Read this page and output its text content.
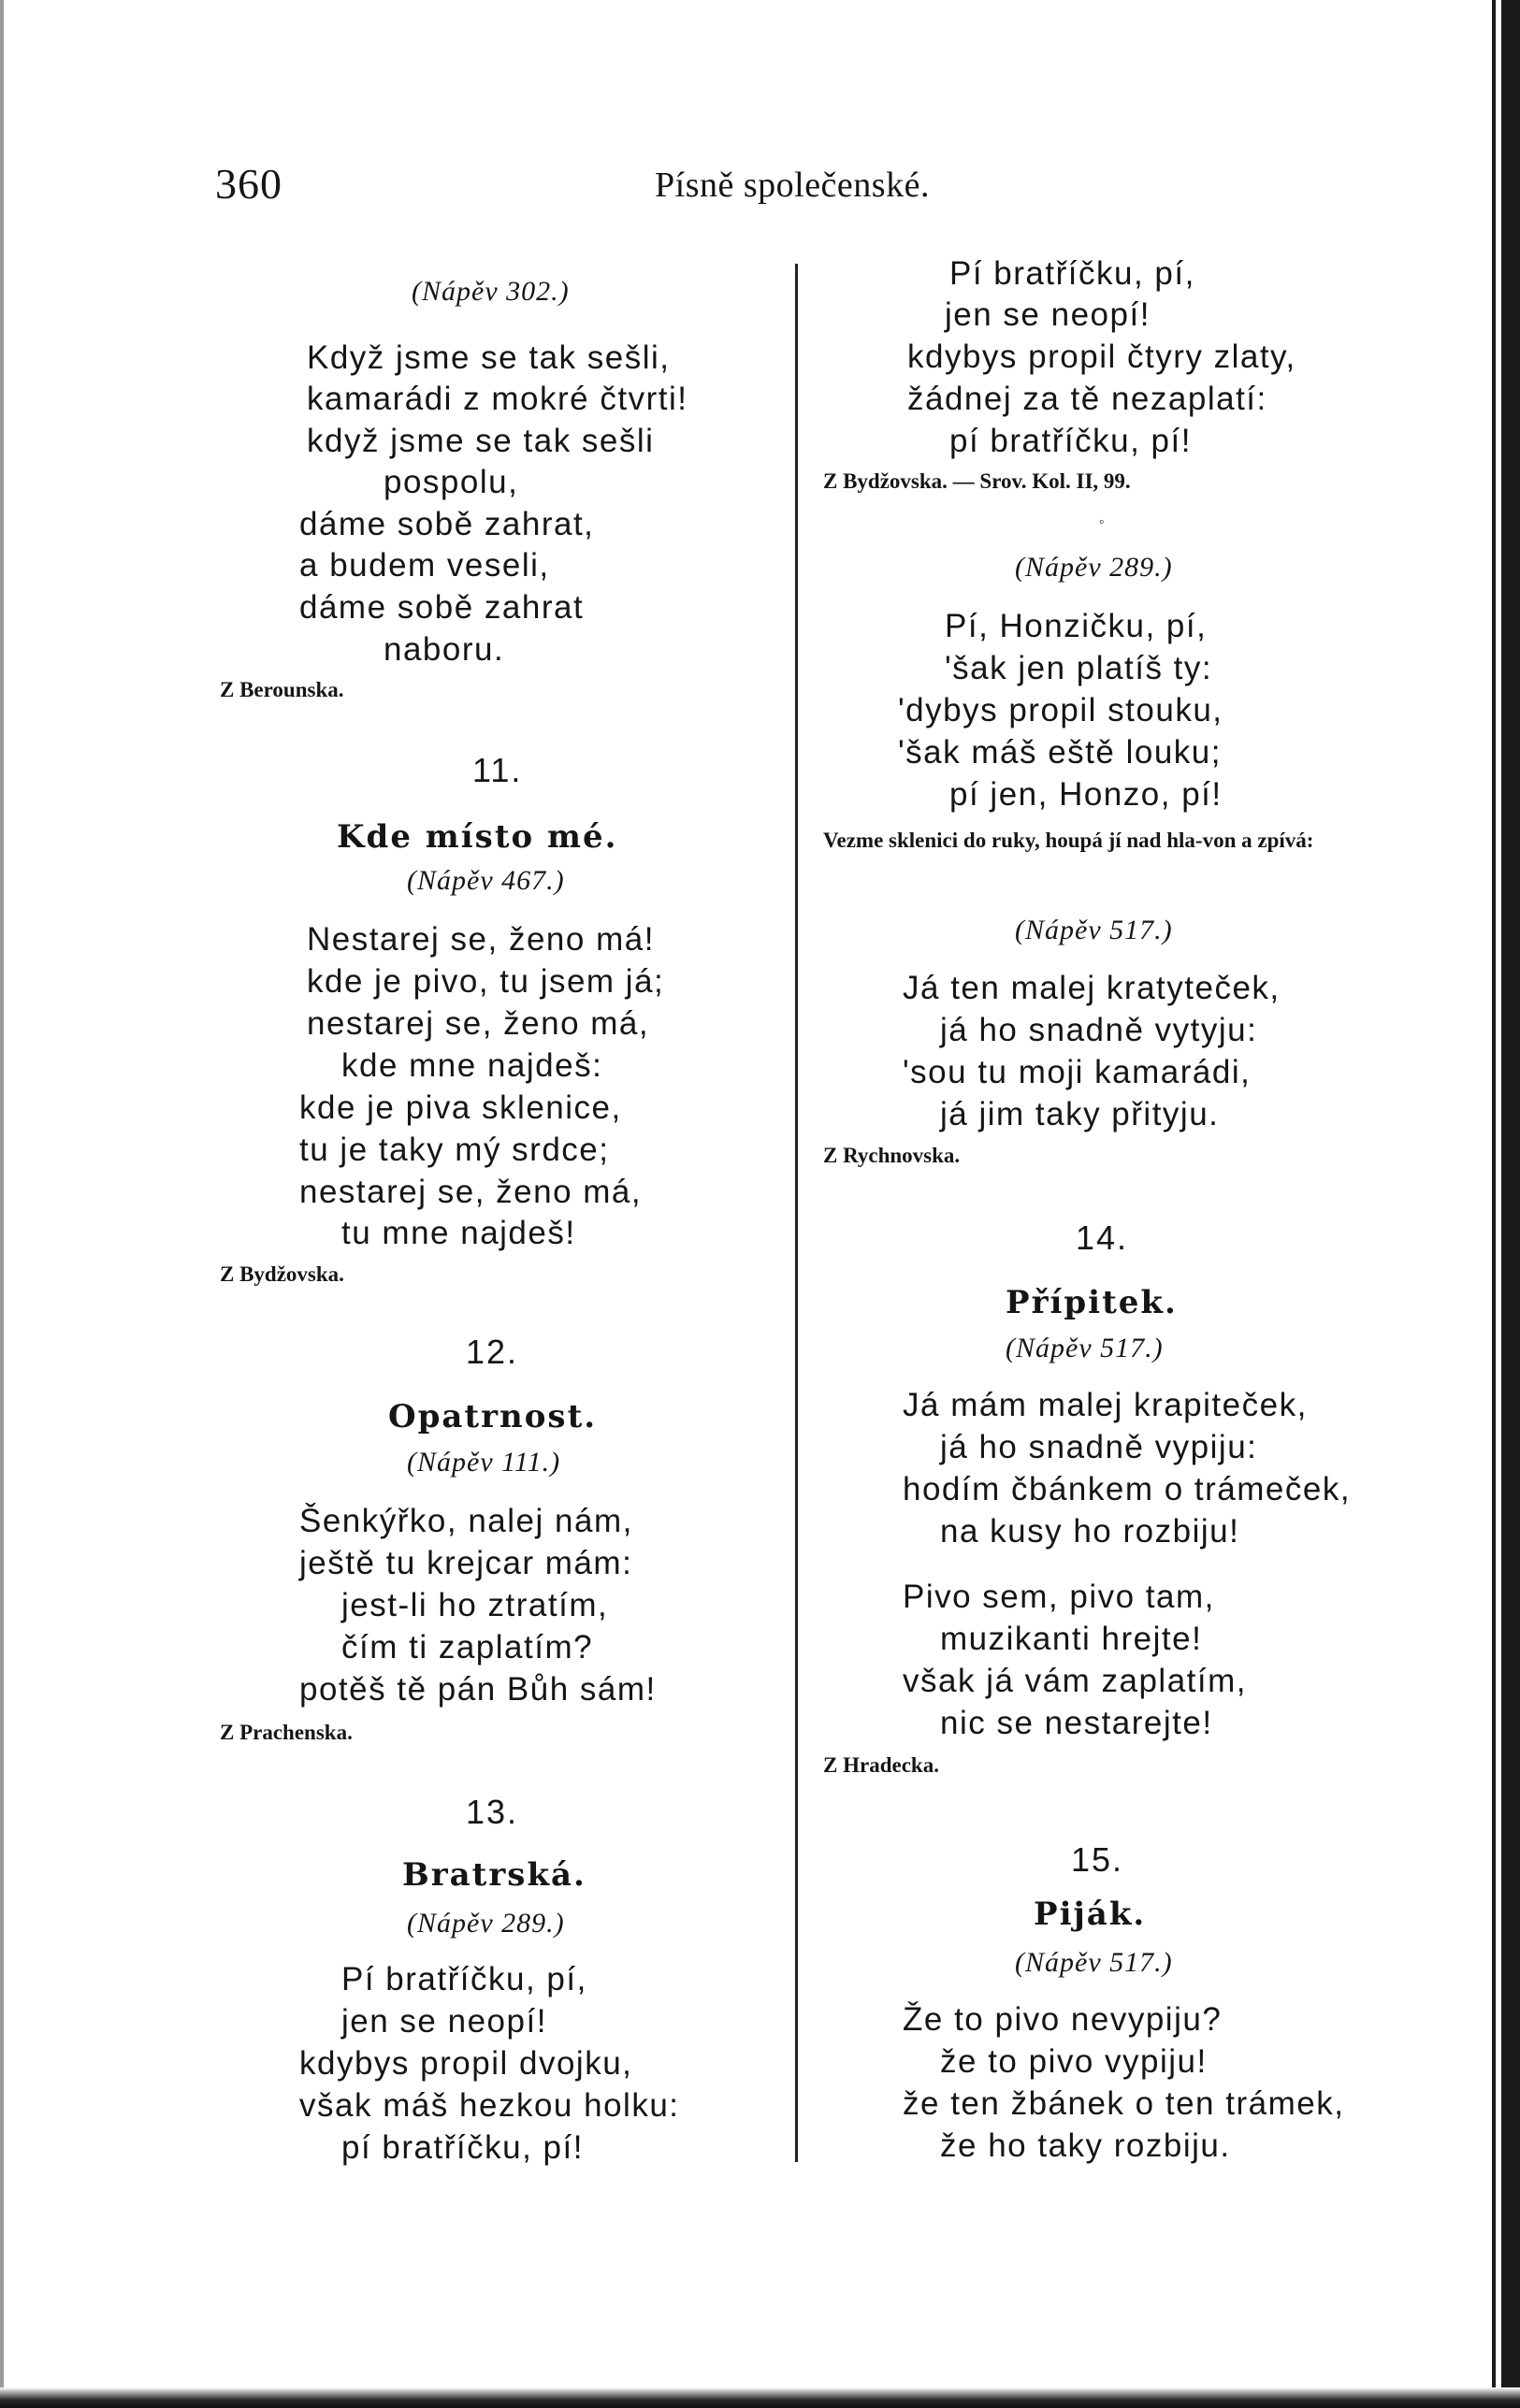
360	Písně společenské.
(Nápěv 302.)
Když jsme se tak sešli,
kamarádi z mokré čtvrti!
když jsme se tak sešli
pospolu,
dáme sobě zahrat,
a budem veseli,
dáme sobě zahrat
naboru.
Z Berounska.
11.
Kde místo mé.
(Nápěv 467.)
Nestarej se, ženo má!
kde je pivo, tu jsem já;
nestarej se, ženo má,
kde mne najdeš:
kde je piva sklenice,
tu je taky mý srdce;
nestarej se, ženo má,
tu mne najdeš!
Z Bydžovska.
12.
Opatrnost.
(Nápěv 111.)
Šenkýřko, nalej nám,
ještě tu krejcar mám:
jest-li ho ztratím,
čím ti zaplatím?
potěš tě pán Bůh sám!
Z Prachenska.
13.
Bratrská.
(Nápěv 289.)
Pí bratříčku, pí,
jen se neopí!
kdybys propil dvojku,
však máš hezkou holku:
pí bratříčku, pí!
Pí bratříčku, pí,
jen se neopí!
kdybys propil čtyry zlaty,
žádnej za tě nezaplatí:
pí bratříčku, pí!
Z Bydžovska. — Srov. Kol. II, 99.
◦
(Nápěv 289.)
Pí, Honzičku, pí,
'šak jen platíš ty:
'dybys propil stouku,
'šak máš eště louku;
pí jen, Honzo, pí!
Vezme sklenici do ruky, houpá jí nad hla-von a zpívá:
(Nápěv 517.)
Já ten malej kratyteček,
já ho snadně vytyju:
'sou tu moji kamarádi,
já jim taky přityju.
Z Rychnovska.
14.
Přípitek.
(Nápěv 517.)
Já mám malej krapiteček,
já ho snadně vypiju:
hodím čbánkem o trámeček,
na kusy ho rozbiju!
Pivo sem, pivo tam,
muzikanti hrejte!
však já vám zaplatím,
nic se nestarejte!
Z Hradecka.
15.
Piják.
(Nápěv 517.)
Že to pivo nevypiju?
že to pivo vypiju!
že ten žbánek o ten trámek,
že ho taky rozbiju.
